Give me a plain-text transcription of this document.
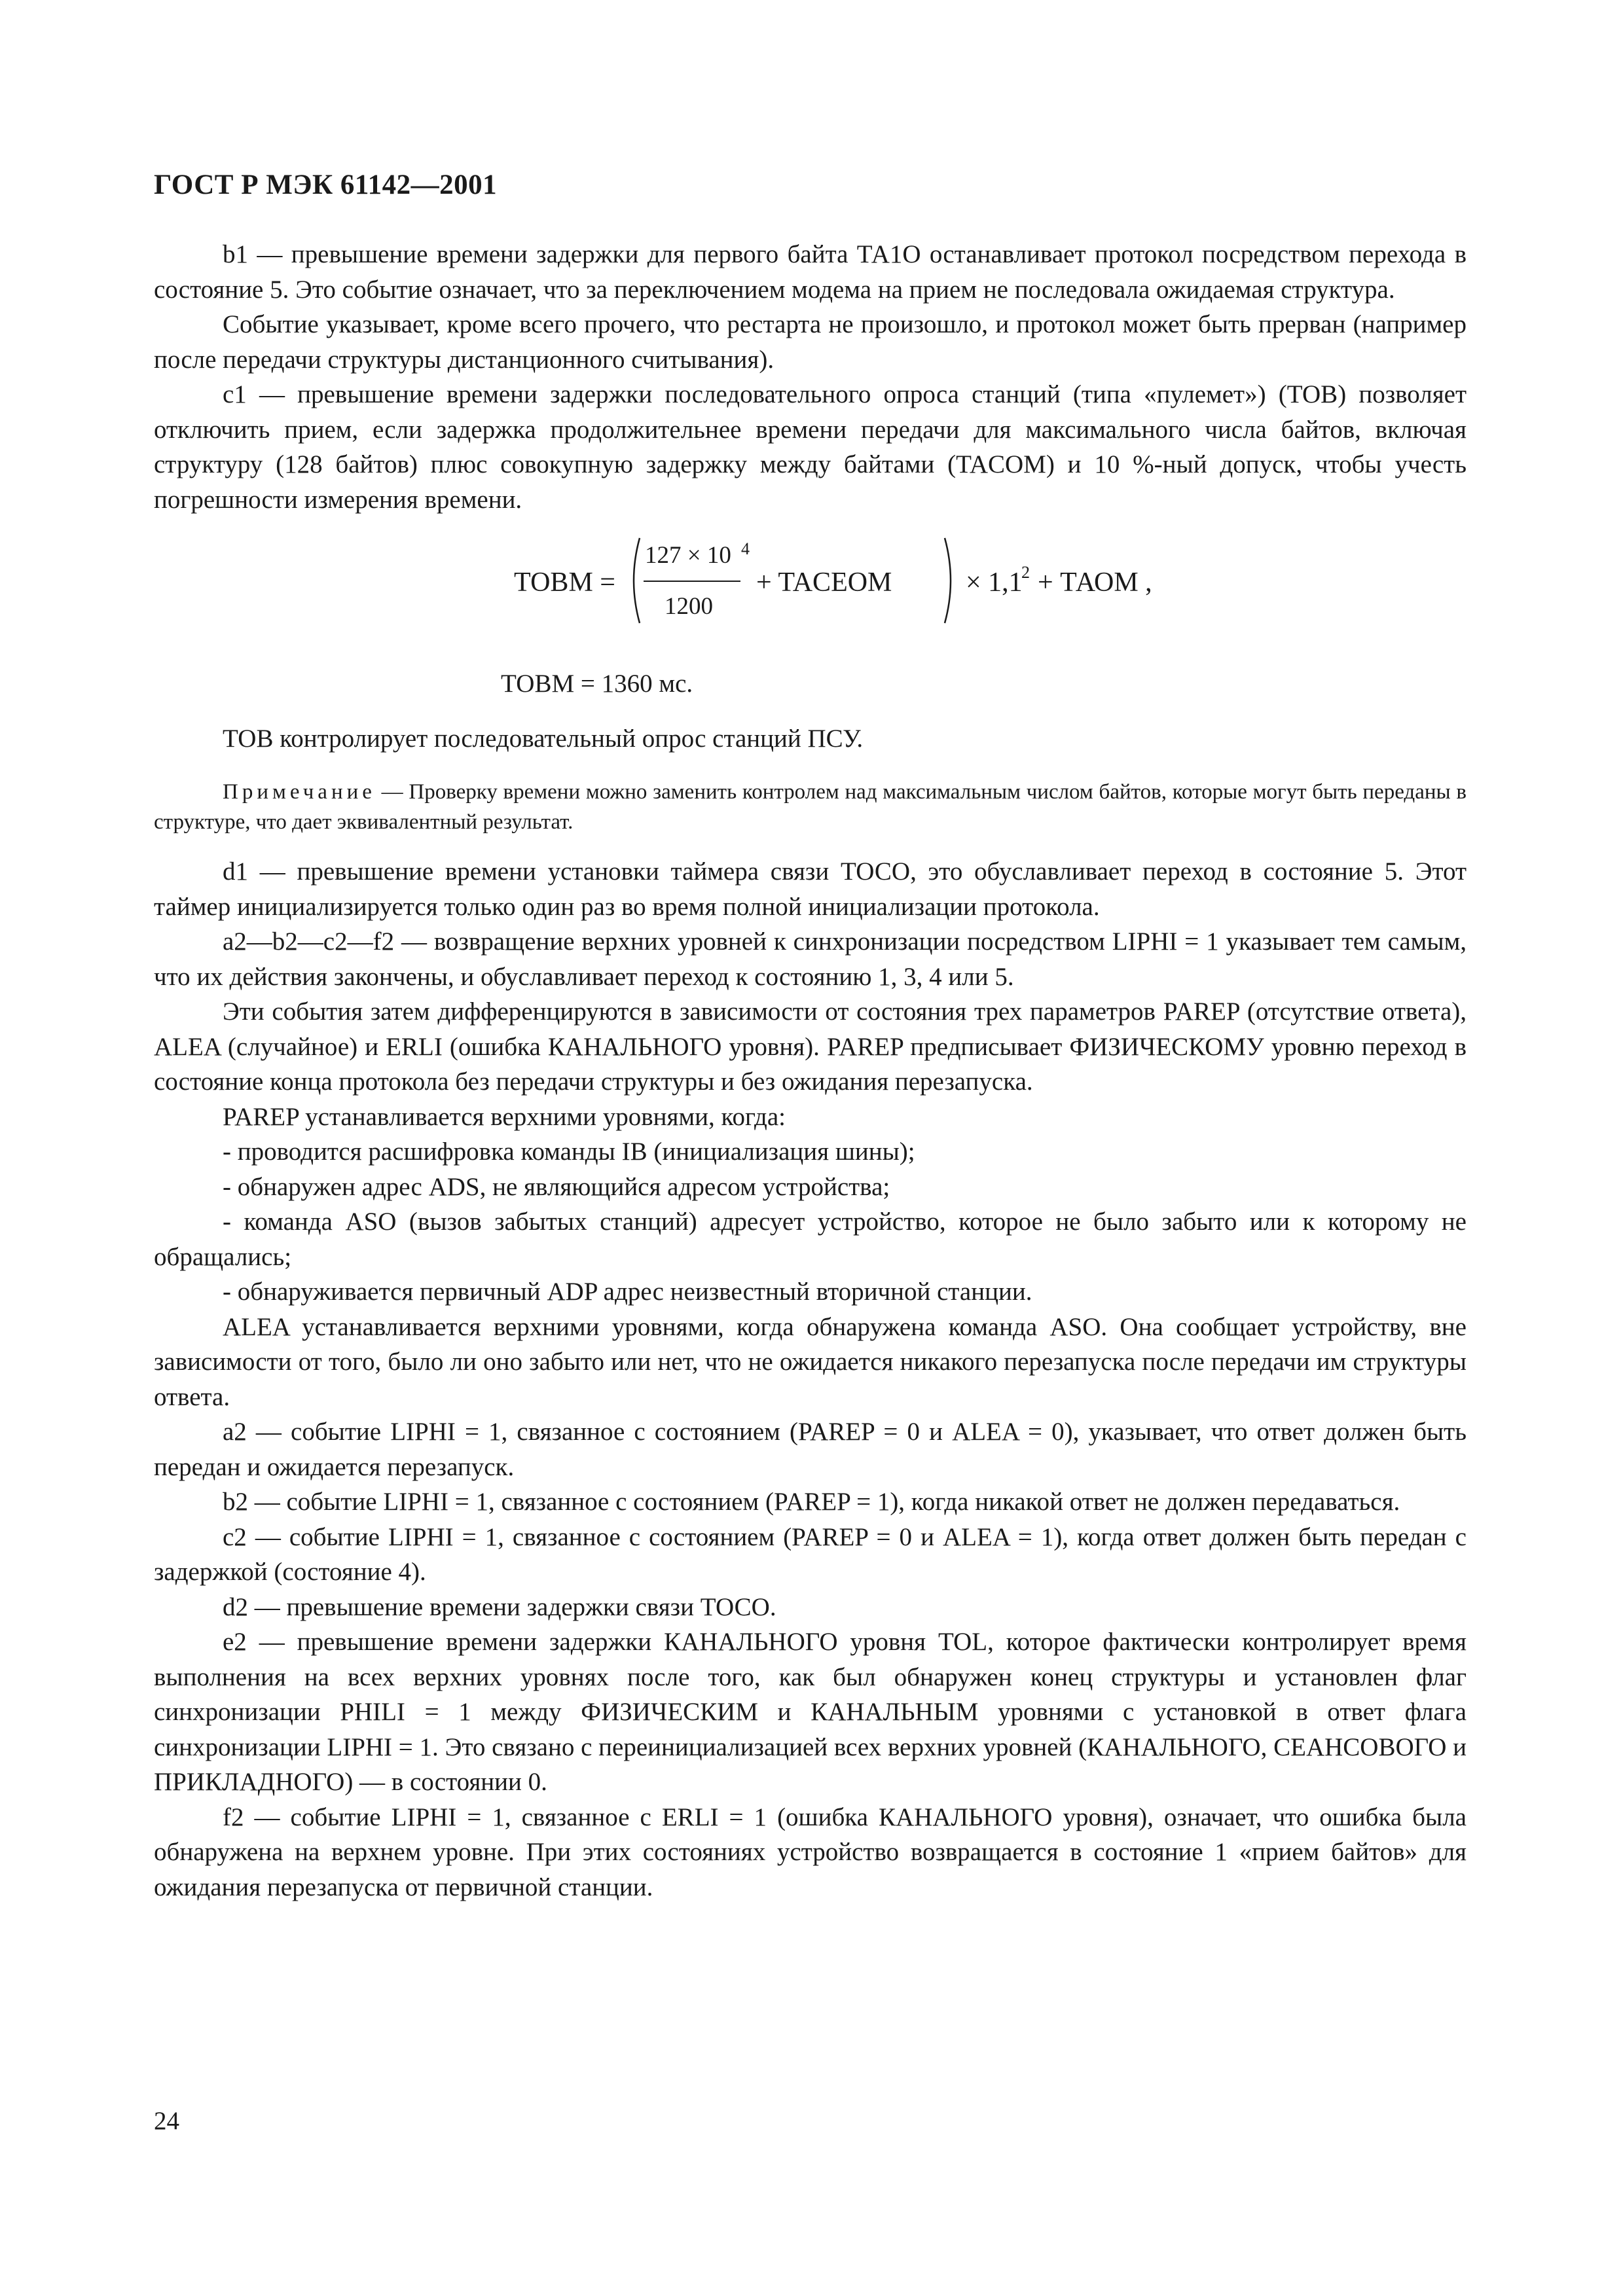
ГОСТ Р МЭК 61142—2001

b1 — превышение времени задержки для первого байта ТА1О останавливает протокол посредством перехода в состояние 5. Это событие означает, что за переключением модема на прием не последовала ожидаемая структура.

Событие указывает, кроме всего прочего, что рестарта не произошло, и протокол может быть прерван (например после передачи структуры дистанционного считывания).

c1 — превышение времени задержки последовательного опроса станций (типа «пулемет») (ТОВ) позволяет отключить прием, если задержка продолжительнее времени передачи для максимального числа байтов, включая структуру (128 байтов) плюс совокупную задержку между байтами (TACOM) и 10 %-ный допуск, чтобы учесть погрешности измерения времени.

ТОВМ =
127 × 10 4
1200
+ TACEOM	× 1,1
2 + ТАОМ ,

ТОВМ = 1360 мс.

ТОВ контролирует последовательный опрос станций ПСУ.

Примечание — Проверку времени можно заменить контролем над максимальным числом байтов, которые могут быть переданы в структуре, что дает эквивалентный результат.

d1 — превышение времени установки таймера связи ТОСО, это обуславливает переход в состояние 5. Этот таймер инициализируется только один раз во время полной инициализации протокола.

a2—b2—c2—f2 — возвращение верхних уровней к синхронизации посредством LIPHI = 1 указывает тем самым, что их действия закончены, и обуславливает переход к состоянию 1, 3, 4 или 5.

Эти события затем дифференцируются в зависимости от состояния трех параметров PAREP (отсутствие ответа), ALEA (случайное) и ERLI (ошибка КАНАЛЬНОГО уровня). PAREP предписывает ФИЗИЧЕСКОМУ уровню переход в состояние конца протокола без передачи структуры и без ожидания перезапуска.

PAREP устанавливается верхними уровнями, когда:

- проводится расшифровка команды IB (инициализация шины);

- обнаружен адрес ADS, не являющийся адресом устройства;

- команда ASO (вызов забытых станций) адресует устройство, которое не было забыто или к которому не обращались;

- обнаруживается первичный ADP адрес неизвестный вторичной станции.

ALEA устанавливается верхними уровнями, когда обнаружена команда ASO. Она сообщает устройству, вне зависимости от того, было ли оно забыто или нет, что не ожидается никакого перезапуска после передачи им структуры ответа.

a2 — событие LIPHI = 1, связанное с состоянием (PAREP = 0 и ALEA = 0), указывает, что ответ должен быть передан и ожидается перезапуск.

b2 — событие LIPHI = 1, связанное с состоянием (PAREP = 1), когда никакой ответ не должен передаваться.

c2 — событие LIPHI = 1, связанное с состоянием (PAREP = 0 и ALEA = 1), когда ответ должен быть передан с задержкой (состояние 4).

d2 — превышение времени задержки связи ТОСО.

e2 — превышение времени задержки КАНАЛЬНОГО уровня TOL, которое фактически контролирует время выполнения на всех верхних уровнях после того, как был обнаружен конец структуры и установлен флаг синхронизации PHILI = 1 между ФИЗИЧЕСКИМ и КАНАЛЬНЫМ уровнями с установкой в ответ флага синхронизации LIPHI = 1. Это связано с переинициализацией всех верхних уровней (КАНАЛЬНОГО, СЕАНСОВОГО и ПРИКЛАДНОГО) — в состоянии 0.

f2 — событие LIPHI = 1, связанное с ERLI = 1 (ошибка КАНАЛЬНОГО уровня), означает, что ошибка была обнаружена на верхнем уровне. При этих состояниях устройство возвращается в состояние 1 «прием байтов» для ожидания перезапуска от первичной станции.

24
